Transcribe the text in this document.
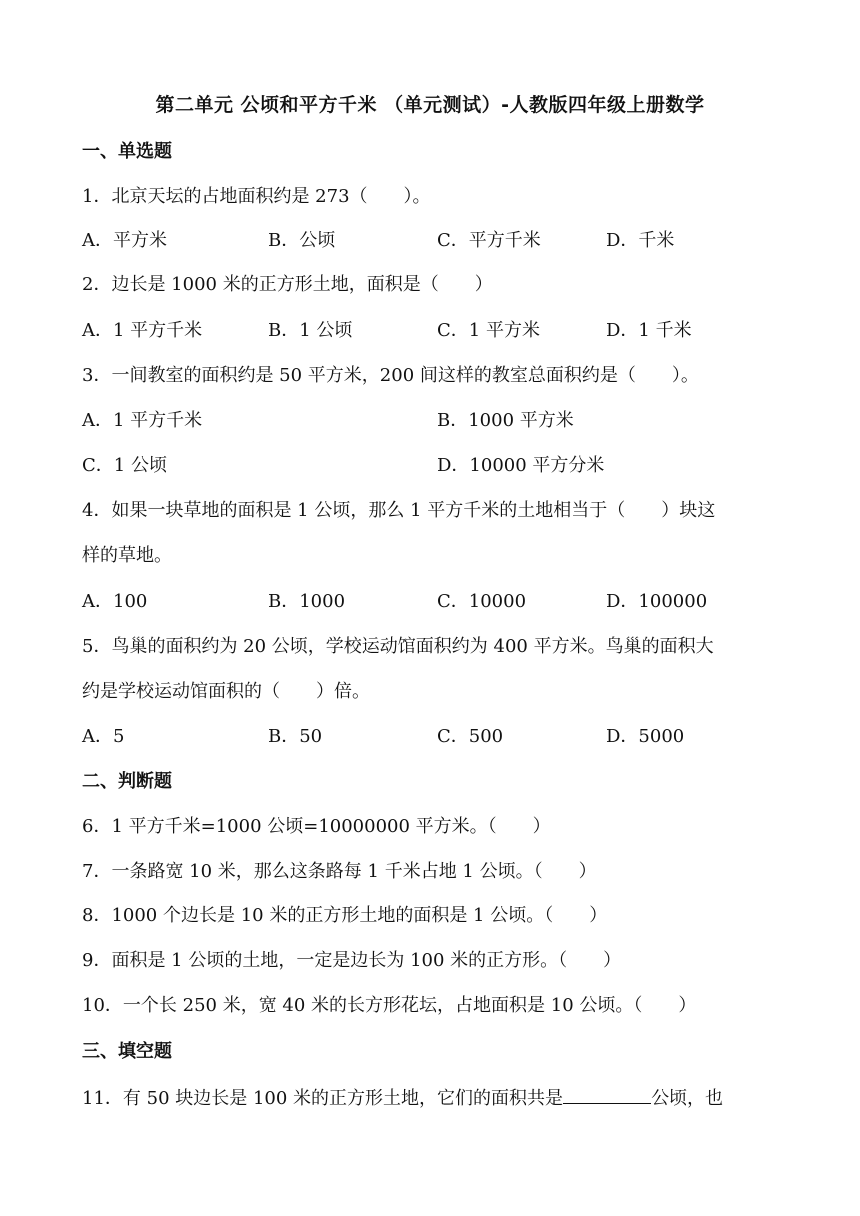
第二单元 公顷和平方千米 （单元测试）-人教版四年级上册数学
一、单选题
1．北京天坛的占地面积约是 273（　　）。
A．平方米	B．公顷	C．平方千米	D．千米
2．边长是 1000 米的正方形土地，面积是（　　）
A．1 平方千米	B．1 公顷	C．1 平方米	D．1 千米
3．一间教室的面积约是 50 平方米，200 间这样的教室总面积约是（　　）。
A．1 平方千米	B．1000 平方米
C．1 公顷	D．10000 平方分米
4．如果一块草地的面积是 1 公顷，那么 1 平方千米的土地相当于（　　）块这
样的草地。
A．100	B．1000	C．10000	D．100000
5．鸟巢的面积约为 20 公顷，学校运动馆面积约为 400 平方米。鸟巢的面积大
约是学校运动馆面积的（　　）倍。
A．5	B．50	C．500	D．5000
二、判断题
6．1 平方千米=1000 公顷=10000000 平方米。（　　）
7．一条路宽 10 米，那么这条路每 1 千米占地 1 公顷。（　　）
8．1000 个边长是 10 米的正方形土地的面积是 1 公顷。（　　）
9．面积是 1 公顷的土地，一定是边长为 100 米的正方形。（　　）
10．一个长 250 米，宽 40 米的长方形花坛，占地面积是 10 公顷。（　　）
三、填空题
11．有 50 块边长是 100 米的正方形土地，它们的面积共是	公顷，也
